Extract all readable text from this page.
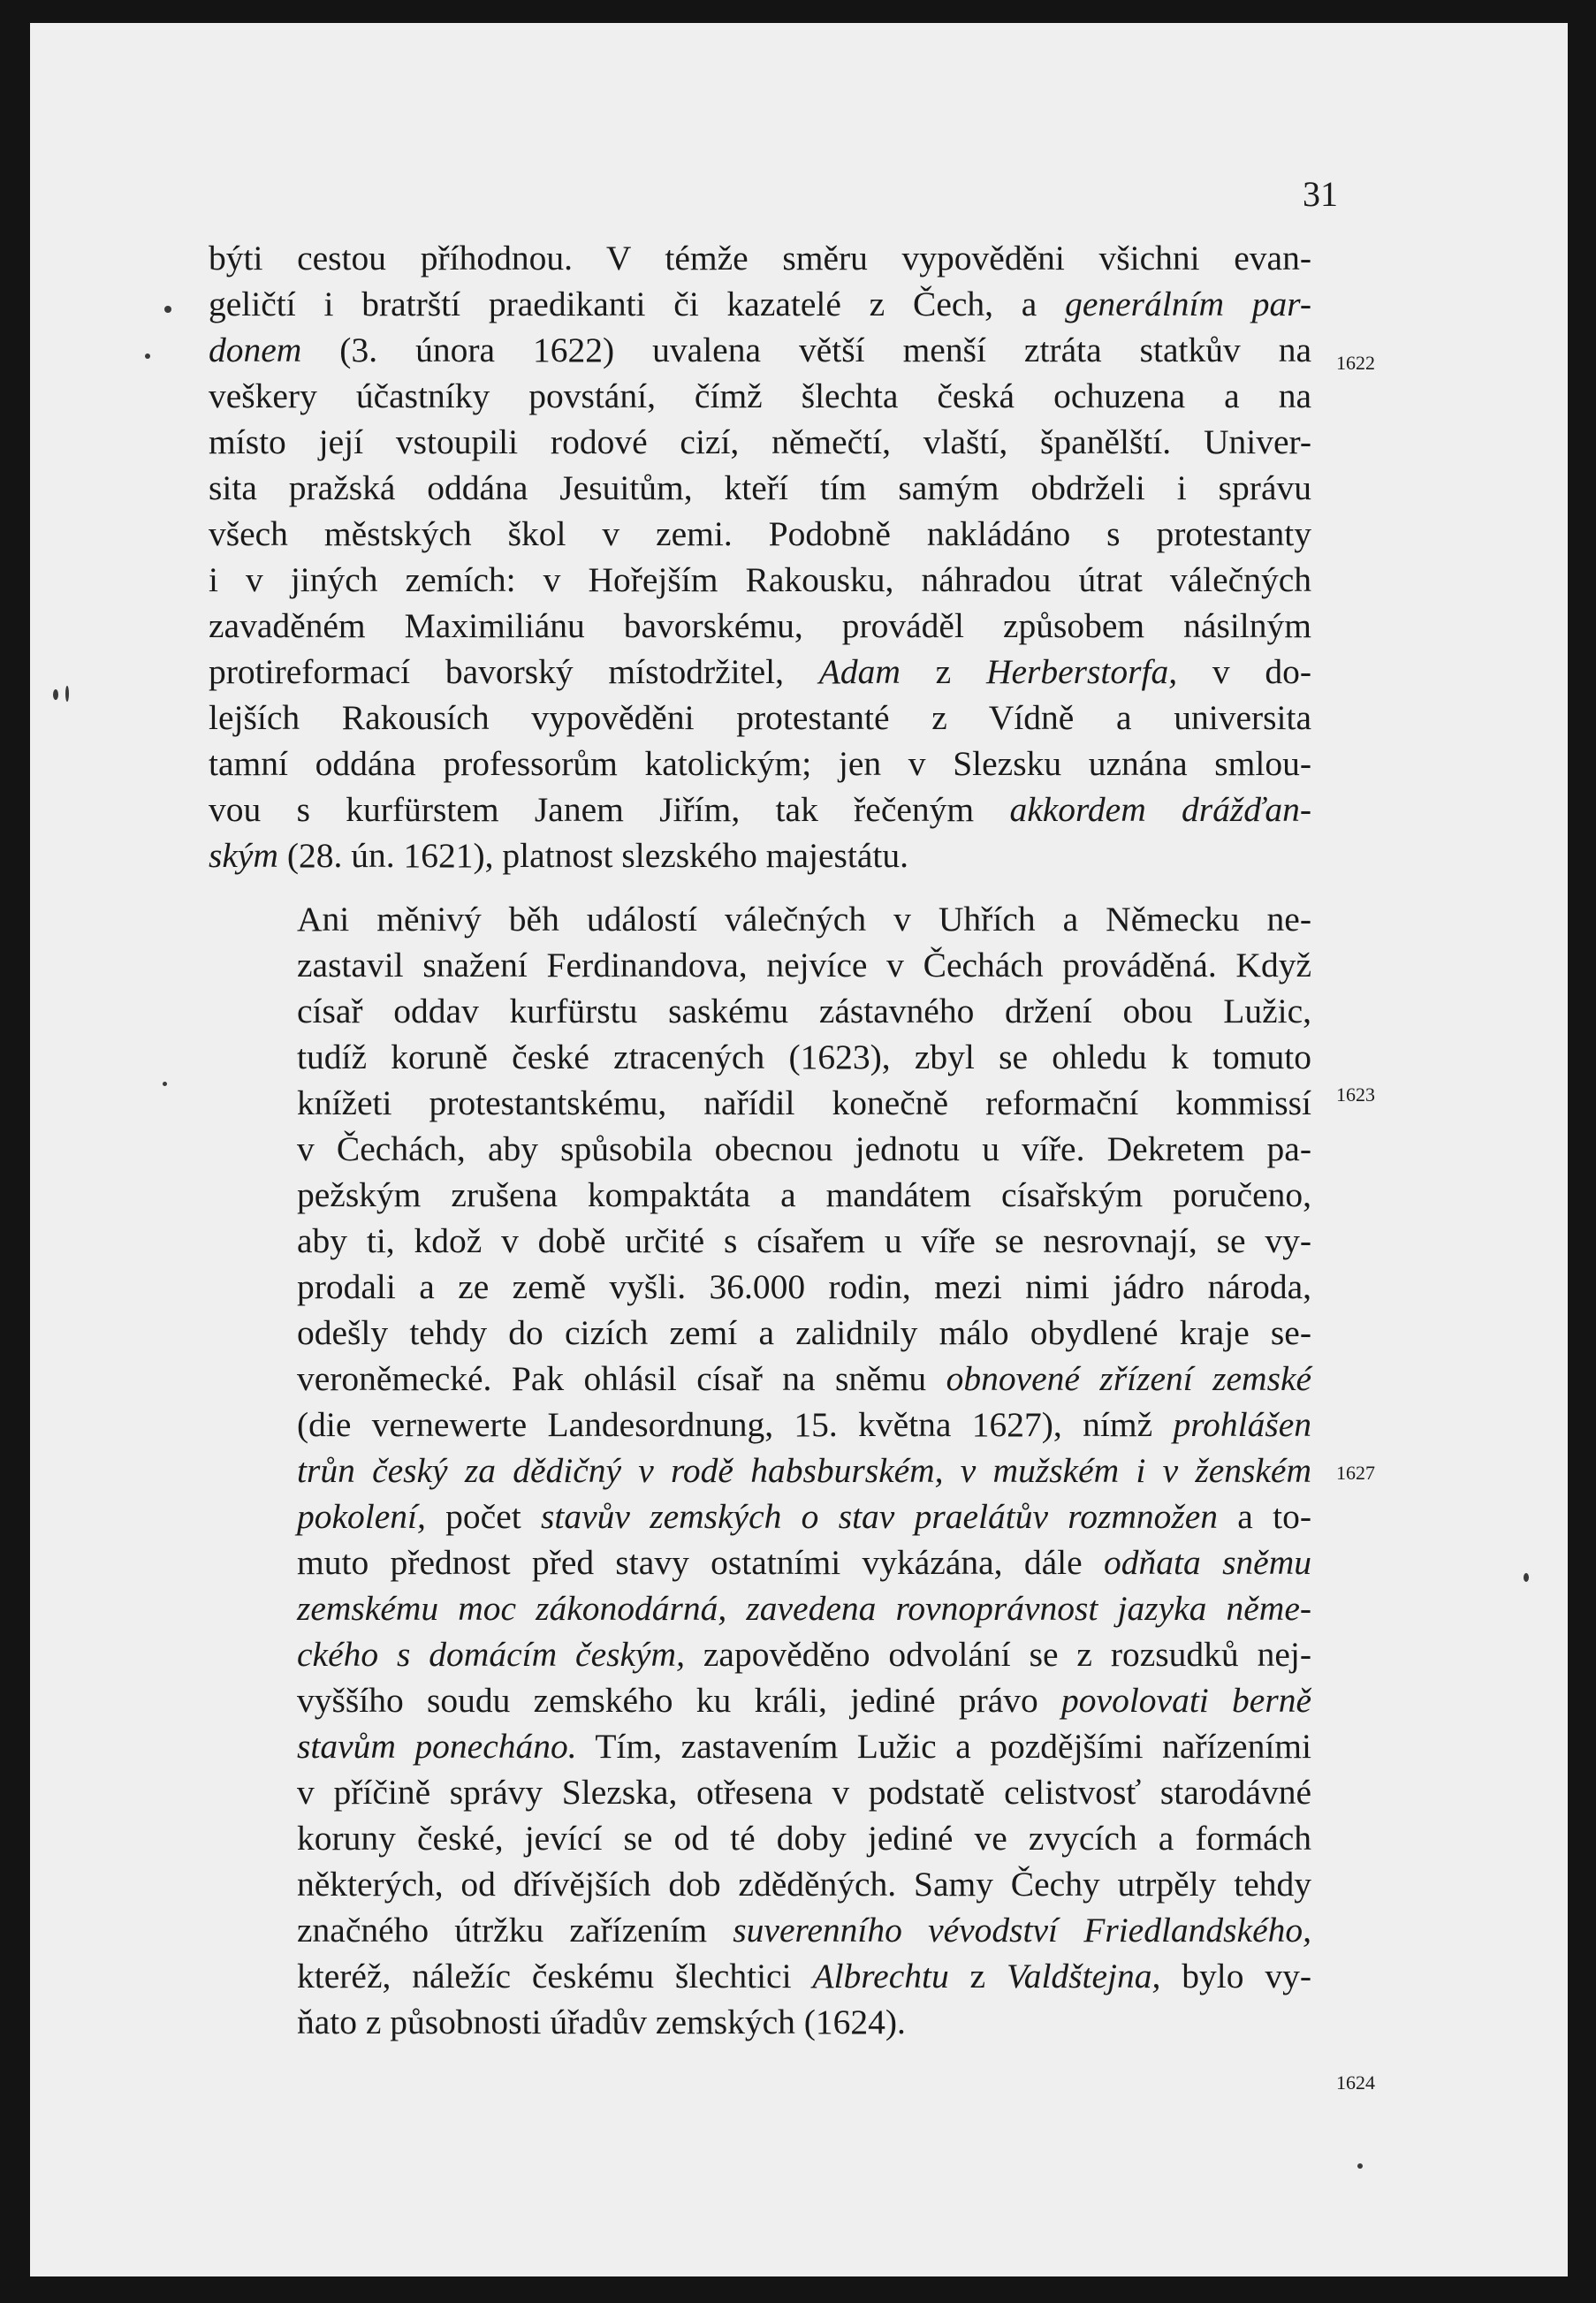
31

býti cestou příhodnou. V témže směru vypověděni všichni evan-
geličtí i bratrští praedikanti či kazatelé z Čech, a generálním par-
donem (3. února 1622) uvalena větší menší ztráta statkův na
veškery účastníky povstání, čímž šlechta česká ochuzena a na
místo její vstoupili rodové cizí, němečtí, vlaští, španělští. Univer-
sita pražská oddána Jesuitům, kteří tím samým obdrželi i správu
všech městských škol v zemi. Podobně nakládáno s protestanty
i v jiných zemích: v Hořejším Rakousku, náhradou útrat válečných
zavaděném Maximiliánu bavorskému, prováděl způsobem násilným
protireformací bavorský místodržitel, Adam z Herberstorfa, v do-
lejších Rakousích vypověděni protestanté z Vídně a universita
tamní oddána professorům katolickým; jen v Slezsku uznána smlou-
vou s kurfürstem Janem Jiřím, tak řečeným akkordem drážďan-
ským (28. ún. 1621), platnost slezského majestátu.

Ani měnivý běh událostí válečných v Uhřích a Německu ne-
zastavil snažení Ferdinandova, nejvíce v Čechách prováděná. Když
císař oddav kurfürstu saskému zástavného držení obou Lužic,
tudíž koruně české ztracených (1623), zbyl se ohledu k tomuto
knížeti protestantskému, nařídil konečně reformační kommissí
v Čechách, aby spůsobila obecnou jednotu u víře. Dekretem pa-
pežským zrušena kompaktáta a mandátem císařským poručeno,
aby ti, kdož v době určité s císařem u víře se nesrovnají, se vy-
prodali a ze země vyšli. 36.000 rodin, mezi nimi jádro národa,
odešly tehdy do cizích zemí a zalidnily málo obydlené kraje se-
veroněmecké. Pak ohlásil císař na sněmu obnovené zřízení zemské
(die vernewerte Landesordnung, 15. května 1627), nímž prohlášen
trůn český za dědičný v rodě habsburském, v mužském i v ženském
pokolení, počet stavův zemských o stav praelátův rozmnožen a to-
muto přednost před stavy ostatními vykázána, dále odňata sněmu
zemskému moc zákonodárná, zavedena rovnoprávnost jazyka něme-
ckého s domácím českým, zapověděno odvolání se z rozsudků nej-
vyššího soudu zemského ku králi, jediné právo povolovati berně
stavům ponecháno. Tím, zastavením Lužic a pozdějšími nařízeními
v příčině správy Slezska, otřesena v podstatě celistvosť starodávné
koruny české, jevící se od té doby jediné ve zvycích a formách
některých, od dřívějších dob zděděných. Samy Čechy utrpěly tehdy
značného útržku zařízením suverenního vévodství Friedlandského,
kteréž, náležíc českému šlechtici Albrechtu z Valdštejna, bylo vy-
ňato z působnosti úřadův zemských (1624).

1622
1623
1627
1624
